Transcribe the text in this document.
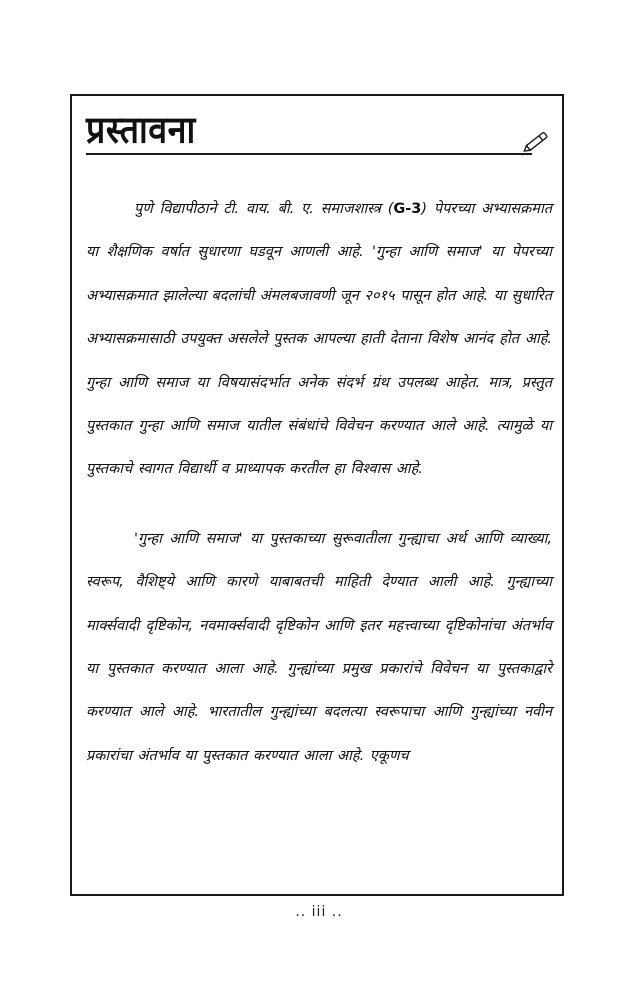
प्रस्तावना

पुणे विद्यापीठाने टी. वाय. बी. ए. समाजशास्त्र (G-3) पेपरच्या अभ्यासक्रमात या शैक्षणिक वर्षात सुधारणा घडवून आणली आहे. 'गुन्हा आणि समाज' या पेपरच्या अभ्यासक्रमात झालेल्या बदलांची अंमलबजावणी जून २०१५ पासून होत आहे. या सुधारित अभ्यासक्रमासाठी उपयुक्त असलेले पुस्तक आपल्या हाती देताना विशेष आनंद होत आहे. गुन्हा आणि समाज या विषयासंदर्भात अनेक संदर्भ ग्रंथ उपलब्ध आहेत. मात्र, प्रस्तुत पुस्तकात गुन्हा आणि समाज यातील संबंधांचे विवेचन करण्यात आले आहे. त्यामुळे या पुस्तकाचे स्वागत विद्यार्थी व प्राध्यापक करतील हा विश्वास आहे.

'गुन्हा आणि समाज' या पुस्तकाच्या सुरूवातीला गुन्ह्याचा अर्थ आणि व्याख्या, स्वरूप, वैशिष्ट्ये आणि कारणे याबाबतची माहिती देण्यात आली आहे. गुन्ह्याच्या मार्क्सवादी दृष्टिकोन, नवमार्क्सवादी दृष्टिकोन आणि इतर महत्त्वाच्या दृष्टिकोनांचा अंतर्भाव या पुस्तकात करण्यात आला आहे. गुन्ह्यांच्या प्रमुख प्रकारांचे विवेचन या पुस्तकाद्वारे करण्यात आले आहे. भारतातील गुन्ह्यांच्या बदलत्या स्वरूपाचा आणि गुन्ह्यांच्या नवीन प्रकारांचा अंतर्भाव या पुस्तकात करण्यात आला आहे. एकूणच

.. iii ..
